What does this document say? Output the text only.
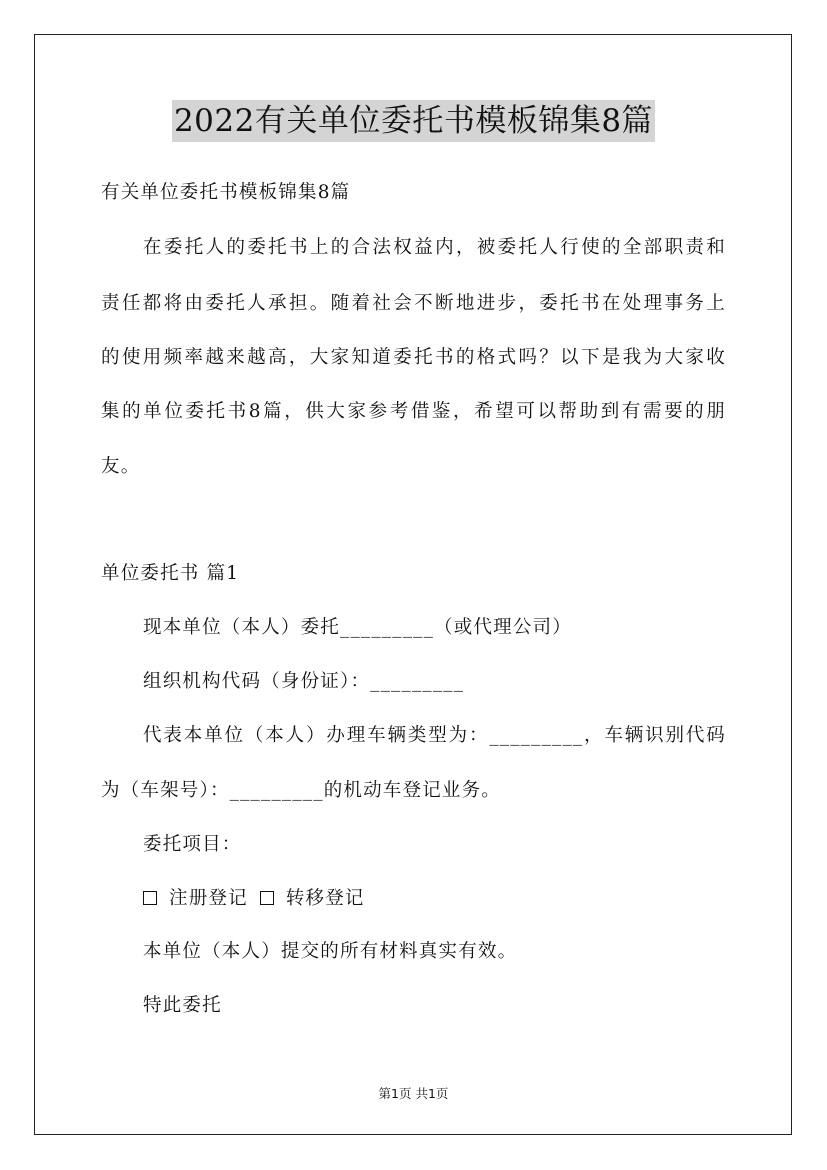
2022有关单位委托书模板锦集8篇
有关单位委托书模板锦集8篇
在委托人的委托书上的合法权益内，被委托人行使的全部职责和
责任都将由委托人承担。随着社会不断地进步，委托书在处理事务上
的使用频率越来越高，大家知道委托书的格式吗？以下是我为大家收
集的单位委托书8篇，供大家参考借鉴，希望可以帮助到有需要的朋
友。
单位委托书 篇1
现本单位（本人）委托_________（或代理公司）
组织机构代码（身份证）：_________
代表本单位（本人）办理车辆类型为：_________，车辆识别代码
为（车架号）：_________的机动车登记业务。
委托项目：
注册登记 转移登记
本单位（本人）提交的所有材料真实有效。
特此委托
第1页 共1页
